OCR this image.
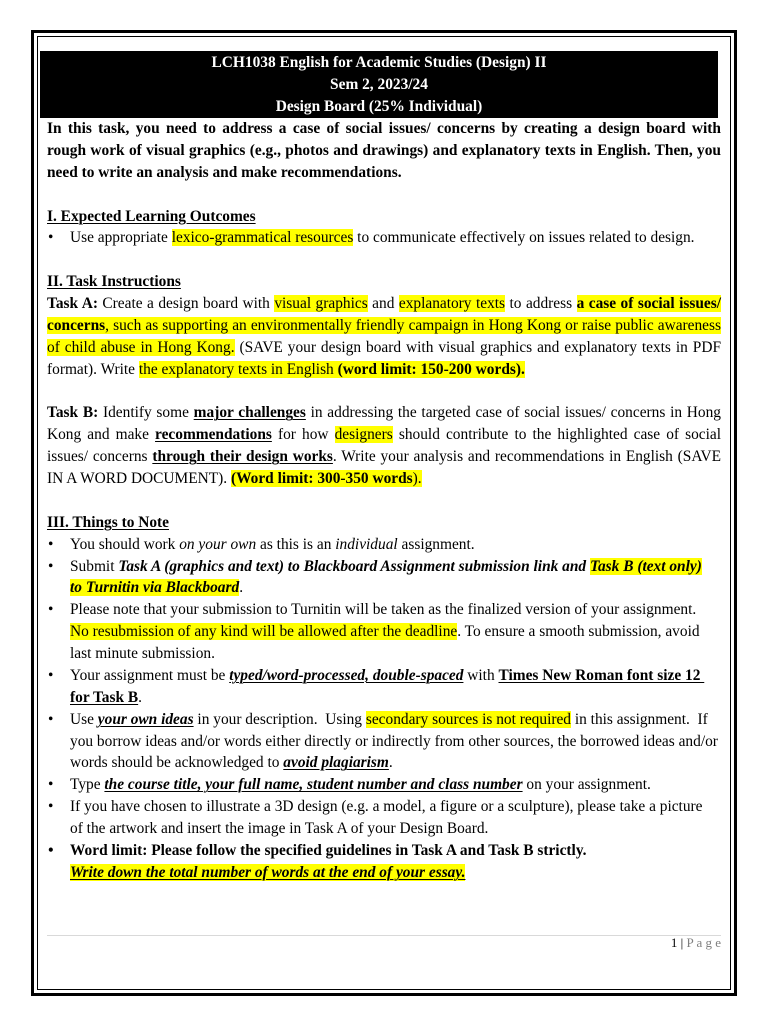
LCH1038 English for Academic Studies (Design) II
Sem 2, 2023/24
Design Board (25% Individual)
In this task, you need to address a case of social issues/ concerns by creating a design board with
rough work of visual graphics (e.g., photos and drawings) and explanatory texts in English. Then, you
need to write an analysis and make recommendations.
I. Expected Learning Outcomes
•
Use appropriate lexico-grammatical resources to communicate effectively on issues related to design.
II. Task Instructions
Task A: Create a design board with visual graphics and explanatory texts to address a case of social issues/
concerns, such as supporting an environmentally friendly campaign in Hong Kong or raise public awareness
of child abuse in Hong Kong. (SAVE your design board with visual graphics and explanatory texts in PDF
format). Write the explanatory texts in English (word limit: 150-200 words).
Task B: Identify some major challenges in addressing the targeted case of social issues/ concerns in Hong
Kong and make recommendations for how designers should contribute to the highlighted case of social
issues/ concerns through their design works. Write your analysis and recommendations in English (SAVE
IN A WORD DOCUMENT). (Word limit: 300-350 words).
III. Things to Note
•
You should work on your own as this is an individual assignment.
•
Submit Task A (graphics and text) to Blackboard Assignment submission link and Task B (text only)
to Turnitin via Blackboard.
•
Please note that your submission to Turnitin will be taken as the finalized version of your assignment.
No resubmission of any kind will be allowed after the deadline. To ensure a smooth submission, avoid
last minute submission.
•
Your assignment must be typed/word-processed, double-spaced with Times New Roman font size 12
for Task B.
•
Use your own ideas in your description.  Using secondary sources is not required in this assignment.  If
you borrow ideas and/or words either directly or indirectly from other sources, the borrowed ideas and/or
words should be acknowledged to avoid plagiarism.
•
Type the course title, your full name, student number and class number on your assignment.
•
If you have chosen to illustrate a 3D design (e.g. a model, a figure or a sculpture), please take a picture
of the artwork and insert the image in Task A of your Design Board.
•
Word limit: Please follow the specified guidelines in Task A and Task B strictly.
Write down the total number of words at the end of your essay.
1 | P a g e
